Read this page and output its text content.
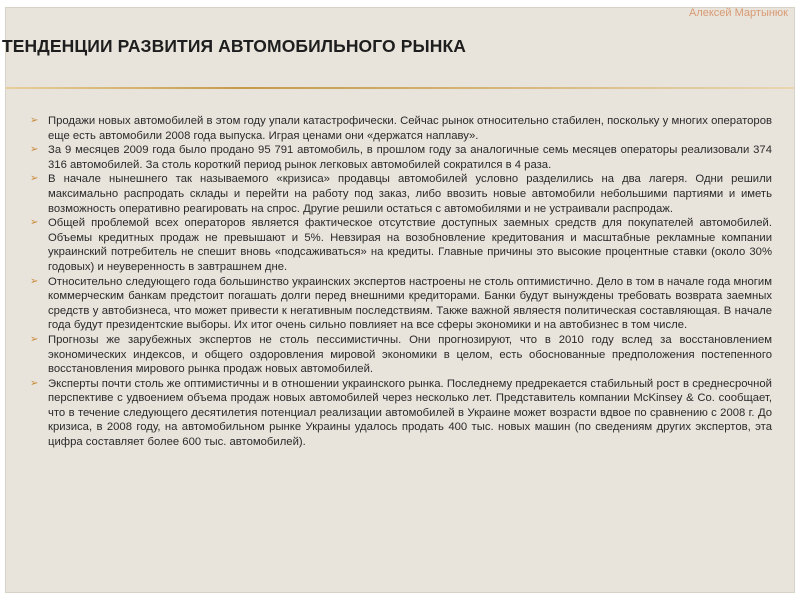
Алексей Мартынюк
ТЕНДЕНЦИИ РАЗВИТИЯ АВТОМОБИЛЬНОГО РЫНКА

➢ Продажи новых автомобилей в этом году упали катастрофически. Сейчас рынок относительно стабилен, поскольку у многих операторов еще есть автомобили 2008 года выпуска. Играя ценами они «держатся наплаву».

➢ За 9 месяцев 2009 года было продано 95 791 автомобиль, в прошлом году за аналогичные семь месяцев операторы реализовали 374 316 автомобилей. За столь короткий период рынок легковых автомобилей сократился в 4 раза.

➢ В начале нынешнего так называемого «кризиса» продавцы автомобилей условно разделились на два лагеря. Одни решили максимально распродать склады и перейти на работу под заказ, либо ввозить новые автомобили небольшими партиями и иметь возможность оперативно реагировать на спрос. Другие решили остаться с автомобилями и не устраивали распродаж.

➢ Общей проблемой всех операторов является фактическое отсутствие доступных заемных средств для покупателей автомобилей. Объемы кредитных продаж не превышают и 5%. Невзирая на возобновление кредитования и масштабные рекламные компании украинский потребитель не спешит вновь «подсаживаться» на кредиты. Главные причины это высокие процентные ставки (около 30% годовых) и неуверенность в завтрашнем дне.

➢ Относительно следующего года большинство украинских экспертов настроены не столь оптимистично. Дело в том в начале года многим коммерческим банкам предстоит погашать долги перед внешними кредиторами. Банки будут вынуждены требовать возврата заемных средств у автобизнеса, что может привести к негативным последствиям. Также важной являестя политическая составляющая. В начале года будут президентские выборы. Их итог очень сильно повлияет на все сферы экономики и на автобизнес в том числе.

➢ Прогнозы же зарубежных экспертов не столь пессимистичны. Они прогнозируют, что в 2010 году вслед за восстановлением экономических индексов, и общего оздоровления мировой экономики в целом, есть обоснованные предположения постепенного восстановления мирового рынка продаж новых автомобилей.

➢ Эксперты почти столь же оптимистичны и в отношении украинского рынка. Последнему предрекается стабильный рост в среднесрочной перспективе с удвоением объема продаж новых автомобилей через несколько лет. Представитель компании McKinsey & Co. сообщает, что в течение следующего десятилетия потенциал реализации автомобилей в Украине может возрасти вдвое по сравнению с 2008 г. До кризиса, в 2008 году, на автомобильном рынке Украины удалось продать 400 тыс. новых машин (по сведениям других экспертов, эта цифра составляет более 600 тыс. автомобилей).
